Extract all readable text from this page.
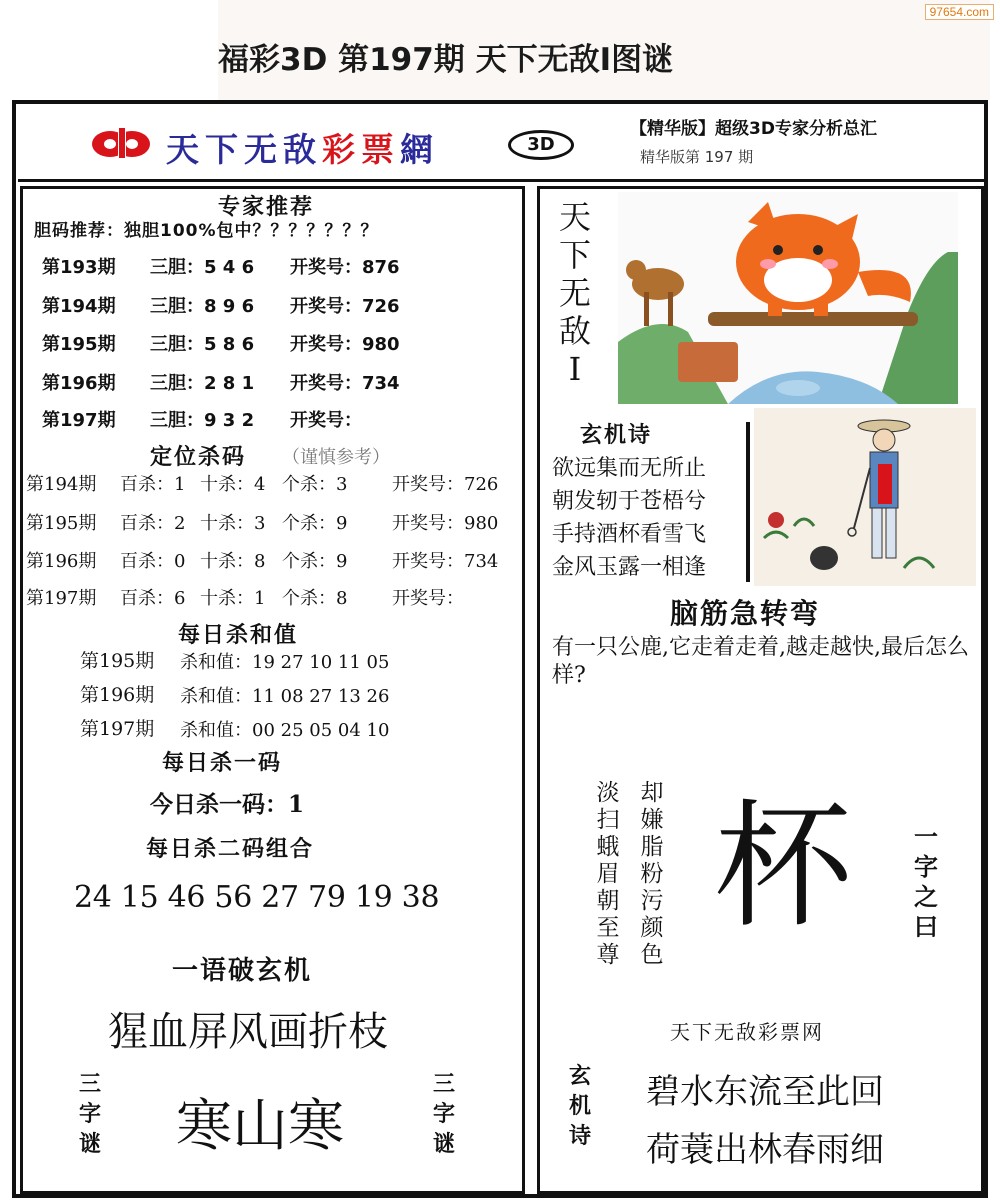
福彩3D 第197期 天下无敌Ⅰ图谜
97654.com
天下无敌彩票網	3D
【精华版】超级3D专家分析总汇
精华版第 197 期
专家推荐
胆码推荐：独胆100%包中？？？？？？？
第193期 三胆：5 4 6 开奖号：876
第194期 三胆：8 9 6 开奖号：726
第195期 三胆：5 8 6 开奖号：980
第196期 三胆：2 8 1 开奖号：734
第197期 三胆：9 3 2 开奖号：
定位杀码 （谨慎参考）
第194期 百杀：1 十杀：4 个杀：3 开奖号：726
第195期 百杀：2 十杀：3 个杀：9 开奖号：980
第196期 百杀：0 十杀：8 个杀：9 开奖号：734
第197期 百杀：6 十杀：1 个杀：8 开奖号：
每日杀和值
第195期 杀和值：19 27 10 11 05
第196期 杀和值：11 08 27 13 26
第197期 杀和值：00 25 05 04 10
每日杀一码
今日杀一码：1
每日杀二码组合
24 15 46 56 27 79 19 38
一语破玄机
猩血屏风画折枝
三字谜 寒山寒
三字谜
天下无敌Ⅰ
玄机诗
欲远集而无所止
朝发轫于苍梧兮
手持酒杯看雪飞
金风玉露一相逢
脑筋急转弯
有一只公鹿,它走着走着,越走越快,最后怎么样?
淡扫蛾眉朝至尊
却嫌脂粉污颜色
杯	一字之曰
天下无敌彩票网
玄机诗
碧水东流至此回
荷蓑出林春雨细
